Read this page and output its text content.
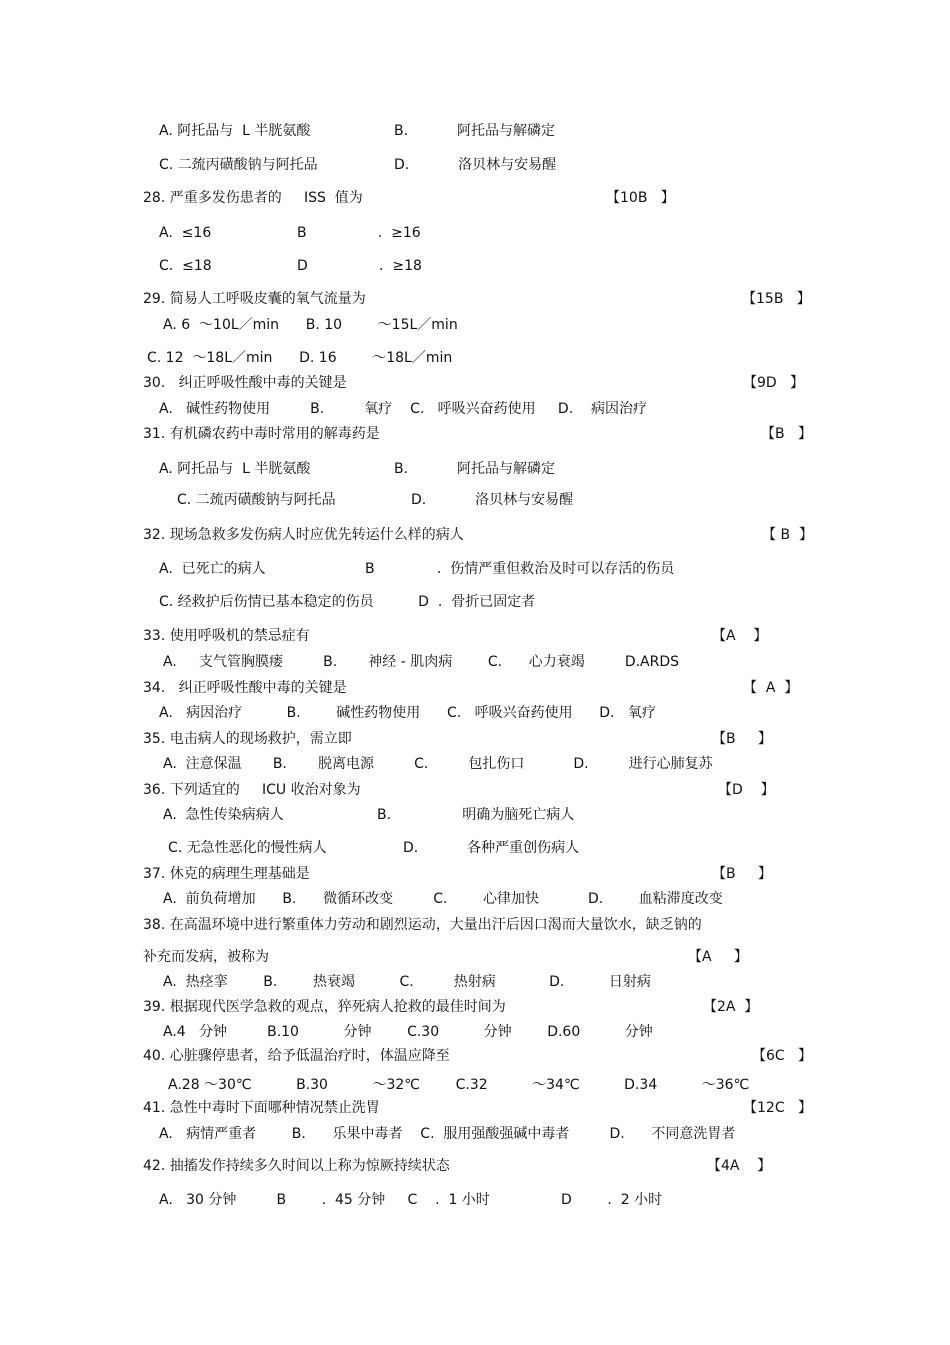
A. 阿托品与  L 半胱氨酸	B.           阿托品与解磷定
C. 二巯丙磺酸钠与阿托品	D.           洛贝林与安易醒
28. 严重多发伤患者的     ISS  值为	【10B   】
A.  ≤16	B                .  ≥16
C.  ≤18	D                .  ≥18
29. 简易人工呼吸皮囊的氧气流量为	【15B   】
A. 6  ～10L／min      B. 10        ～15L／min
C. 12  ～18L／min      D. 16        ～18L／min
30.   纠正呼吸性酸中毒的关键是	【9D   】
A.   碱性药物使用         B.         氧疗    C.   呼吸兴奋药使用     D.    病因治疗
31. 有机磷农药中毒时常用的解毒药是	【B   】
A. 阿托品与  L 半胱氨酸	B.           阿托品与解磷定
C. 二巯丙磺酸钠与阿托品	D.           洛贝林与安易醒
32. 现场急救多发伤病人时应优先转运什么样的病人	【 B  】
A.  已死亡的病人	B              .  伤情严重但救治及时可以存活的伤员
C. 经救护后伤情已基本稳定的伤员          D  .  骨折已固定者
33. 使用呼吸机的禁忌症有	【A    】
A.     支气管胸膜瘘         B.       神经 - 肌肉病        C.      心力衰竭         D.ARDS
34.   纠正呼吸性酸中毒的关键是	【  A  】
A.   病因治疗          B.        碱性药物使用      C.   呼吸兴奋药使用      D.   氧疗
35. 电击病人的现场救护，需立即	【B     】
A.  注意保温       B.       脱离电源         C.         包扎伤口           D.         进行心肺复苏
36. 下列适宜的     ICU 收治对象为	【D    】
A.  急性传染病病人	B.                明确为脑死亡病人
C. 无急性恶化的慢性病人	D.           各种严重创伤病人
37. 休克的病理生理基础是	【B     】
A.  前负荷增加      B.      微循环改变         C.        心律加快           D.        血粘滞度改变
38. 在高温环境中进行繁重体力劳动和剧烈运动，大量出汗后因口渴而大量饮水，缺乏钠的
补充而发病，被称为	【A     】
A.  热痉挛        B.        热衰竭          C.         热射病            D.          日射病
39. 根据现代医学急救的观点，猝死病人抢救的最佳时间为	【2A  】
A.4   分钟         B.10          分钟        C.30          分钟        D.60          分钟
40. 心脏骤停患者，给予低温治疗时，体温应降至	【6C   】
A.28 ～30℃          B.30          ～32℃        C.32          ～34℃          D.34          ～36℃
41. 急性中毒时下面哪种情况禁止洗胃	【12C   】
A.   病情严重者        B.      乐果中毒者    C.  服用强酸强碱中毒者         D.      不同意洗胃者
42. 抽搐发作持续多久时间以上称为惊厥持续状态	【4A    】
A.   30 分钟         B        .  45 分钟     C    .  1 小时                D        .  2 小时
